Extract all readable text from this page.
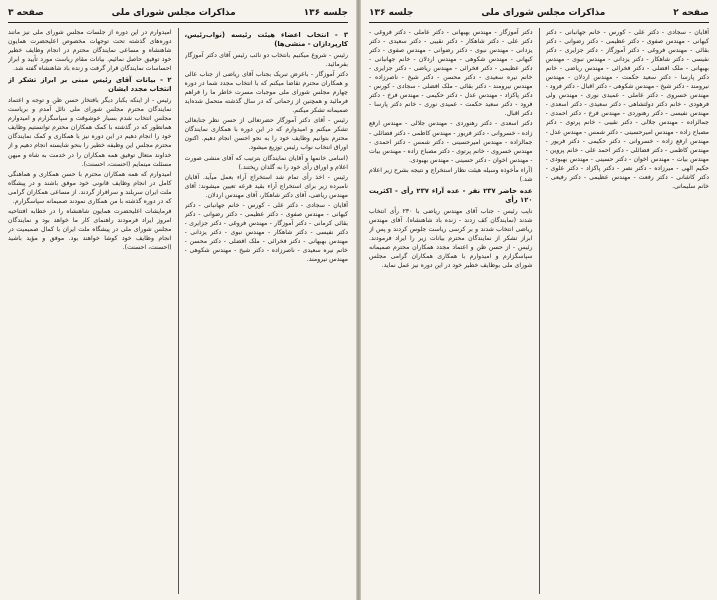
جلسه ۱۳۶
مذاکرات مجلس شورای ملی
صفحه ۳
۳ - انتخاب اعضاء هیئت رئیسه (نواب‌رئیس، کارپردازان - منشی‌ها)

رئیس - شروع میکنیم بانتخاب دو نائب رئیس آقای دکتر آموزگار بفرمائید.

دکتر آموزگار - باعرض تبریک بجناب آقای ریاضی از جناب عالی و همکاران محترم تقاضا میکنم که با انتخاب مجدد شما در دوره چهارم مجلس شورای ملی موجبات مسرت خاطر ما را فراهم فرمائید و همچنین از زحماتی که در سال گذشته متحمل شده‌اید صمیمانه تشکر میکنم.

رئیس - آقای دکتر آموزگار حضرتعالی از حسن نظر جنابعالی تشکر میکنم و امیدوارم که در این دوره با همکاری نمایندگان محترم بتوانیم وظایف خود را به نحو احسن انجام دهیم. اکنون اوراق انتخاب نواب رئیس توزیع میشود.

(اسامی خانمها و آقایان نمایندگان بترتیب که آقای منشی صورت اعلام و اوراق رأی خود را به گلدان ریختند.)

رئیس - اخذ رأی تمام شد استخراج آراء بعمل میآید. آقایان نامبرده زیر برای استخراج آراء بقید قرعه تعیین میشوند: آقای مهندس ریاضی، آقای دکتر شاهکار، آقای مهندس اردلان.

آقایان - سجادی - دکتر علی - کورس - خانم جهانبانی - دکتر کیهانی - مهندس صفوی - دکتر عظیمی - دکتر رضوانی - دکتر بقائی کرمانی - دکتر آموزگار - مهندس فروغی - دکتر جزایری - دکتر نفیسی - دکتر شاهکار - مهندس نبوی - دکتر یزدانی - مهندس بهبهانی - دکتر فخرائی - ملک افضلی - دکتر محسن - خانم نیره سعیدی - ناصرزاده - دکتر شیخ - مهندس شکوهی - مهندس نیرومند.

امیدوارم در این دوره از جلسات مجلس شورای ملی نیز مانند دوره‌های گذشته تحت توجهات مخصوص اعلیحضرت همایون شاهنشاه و مساعی نمایندگان محترم در انجام وظایف خطیر خود توفیق حاصل نمائیم. بیانات مقام ریاست مورد تأیید و ابراز احساسات نمایندگان قرار گرفت و زنده باد شاهنشاه گفته شد.

۲ - بیانات آقای رئیس مبنی بر ابراز تشکر از انتخاب مجدد ایشان

رئیس - از اینکه یکبار دیگر بافتخار حسن ظن و توجه و اعتماد نمایندگان محترم مجلس شورای ملی نائل آمدم و بریاست مجلس انتخاب شدم بسیار خوشوقت و سپاسگزارم و امیدوارم همانطور که در گذشته با کمک همکاران محترم توانستیم وظایف خود را انجام دهیم در این دوره نیز با همکاری و کمک نمایندگان محترم مجلس این وظیفه خطیر را بنحو شایسته انجام دهیم و از خداوند متعال توفیق همه همکاران را در خدمت به شاه و میهن مسئلت مینمایم (احسنت، احسنت).

امیدوارم که همه همکاران محترم با حسن همکاری و هماهنگی کامل در انجام وظایف قانونی خود موفق باشند و در پیشگاه ملت ایران سربلند و سرافراز گردند. از مساعی همکاران گرامی که در دوره گذشته با من همکاری نمودند صمیمانه سپاسگزارم.

فرمایشات اعلیحضرت همایون شاهنشاه را در خطابه افتتاحیه امروز ایراد فرمودند راهنمای کار ما خواهد بود و نمایندگان مجلس شورای ملی در پیشگاه ملت ایران با کمال صمیمیت در انجام وظایف خود کوشا خواهند بود. موفق و مؤید باشید (احسنت، احسنت).

صفحه ۲
مذاکرات مجلس شورای ملی
جلسه ۱۳۶

آقایان - سجادی - دکتر علی - کورس - خانم جهانبانی - دکتر کیهانی - مهندس صفوی - دکتر عظیمی - دکتر رضوانی - دکتر بقائی - مهندس فروغی - دکتر آموزگار - دکتر جزایری - دکتر نفیسی - دکتر شاهکار - دکتر یزدانی - مهندس نبوی - مهندس بهبهانی - ملک افضلی - دکتر فخرائی - مهندس ریاضی - خانم دکتر پارسا - دکتر سعید حکمت - مهندس اردلان - مهندس نیرومند - دکتر شیخ - مهندس شکوهی - دکتر اقبال - دکتر فرود - مهندس خسروی - دکتر عاملی - عمیدی نوری - مهندس ولی فرهودی - خانم دکتر دولتشاهی - دکتر سعیدی - دکتر اسعدی - مهندس نفیسی - دکتر رهنوردی - مهندس فرخ - دکتر احمدی - جمالزاده - مهندس جلالی - دکتر نقیبی - خانم پرتوی - دکتر مصباح زاده - مهندس امیرحسینی - دکتر شمس - مهندس عدل - مهندس ارفع زاده - خسروانی - دکتر حکیمی - دکتر فریور - مهندس کاظمی - دکتر فضائلی - دکتر احمد علی - خانم پروین - مهندس بیات - مهندس اخوان - دکتر حسینی - مهندس بهبودی - حکیم الهی - میرزاده - دکتر نصر - دکتر پاکزاد - دکتر علوی - دکتر کاشانی - دکتر رفعت - مهندس عظیمی - دکتر رفیعی - خانم سلیمانی.

دکتر آموزگار - مهندس بهبهانی - دکتر عاملی - دکتر فروغی - دکتر علی - دکتر شاهکار - دکتر نقیبی - دکتر سعیدی - دکتر یزدانی - مهندس نبوی - دکتر رضوانی - مهندس صفوی - دکتر کیهانی - مهندس شکوهی - مهندس اردلان - خانم جهانبانی - دکتر عظیمی - دکتر فخرائی - مهندس ریاضی - دکتر جزایری - خانم نیره سعیدی - دکتر محسن - دکتر شیخ - ناصرزاده - مهندس نیرومند - دکتر بقائی - ملک افضلی - سجادی - کورس - دکتر پاکزاد - مهندس عدل - دکتر حکیمی - مهندس فرخ - دکتر فرود - دکتر سعید حکمت - عمیدی نوری - خانم دکتر پارسا - دکتر اقبال.

دکتر اسعدی - دکتر رهنوردی - مهندس جلالی - مهندس ارفع زاده - خسروانی - دکتر فریور - مهندس کاظمی - دکتر فضائلی - جمالزاده - مهندس امیرحسینی - دکتر شمس - دکتر احمدی - مهندس خسروی - خانم پرتوی - دکتر مصباح زاده - مهندس بیات - مهندس اخوان - دکتر حسینی - مهندس بهبودی.

(آراء مأخوذه وسیله هیئت نظار استخراج و نتیجه بشرح زیر اعلام شد.)

عده حاضر ۲۳۷ نفر - عده آراء ۲۳۷ رأی - اکثریت ۱۲۰ رأی

نایب رئیس - جناب آقای مهندس ریاضی با ۲۳۰ رأی انتخاب شدند (نمایندگان کف زدند - زنده باد شاهنشاه). آقای مهندس ریاضی انتخاب شدند و بر کرسی ریاست جلوس کردند و پس از ابراز تشکر از نمایندگان محترم بیانات زیر را ایراد فرمودند. رئیس - از حسن ظن و اعتماد مجدد همکاران محترم صمیمانه سپاسگزارم و امیدوارم با همکاری همکاران گرامی مجلس شورای ملی بوظایف خطیر خود در این دوره نیز عمل نماید.
